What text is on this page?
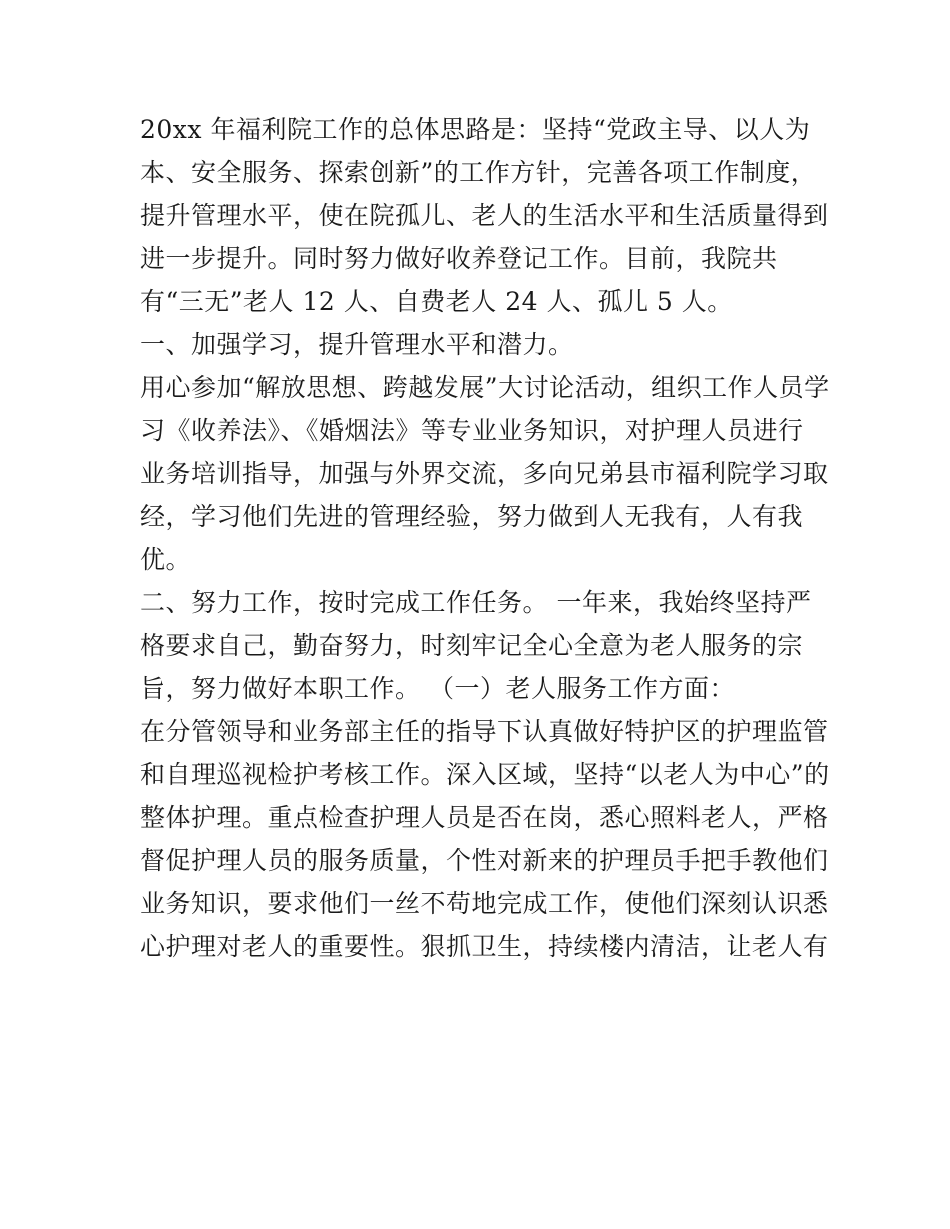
20xx 年福利院工作的总体思路是：坚持“党政主导、以人为
本、安全服务、探索创新”的工作方针，完善各项工作制度，
提升管理水平，使在院孤儿、老人的生活水平和生活质量得到
进一步提升。同时努力做好收养登记工作。目前，我院共
有“三无”老人 12 人、自费老人 24 人、孤儿 5 人。
一、加强学习，提升管理水平和潜力。
用心参加“解放思想、跨越发展”大讨论活动，组织工作人员学
习《收养法》、《婚烟法》等专业业务知识，对护理人员进行
业务培训指导，加强与外界交流，多向兄弟县市福利院学习取
经，学习他们先进的管理经验，努力做到人无我有，人有我
优。
二、努力工作，按时完成工作任务。 一年来，我始终坚持严
格要求自己，勤奋努力，时刻牢记全心全意为老人服务的宗
旨，努力做好本职工作。 （一）老人服务工作方面：
在分管领导和业务部主任的指导下认真做好特护区的护理监管
和自理巡视检护考核工作。深入区域，坚持“以老人为中心”的
整体护理。重点检查护理人员是否在岗，悉心照料老人，严格
督促护理人员的服务质量，个性对新来的护理员手把手教他们
业务知识，要求他们一丝不苟地完成工作，使他们深刻认识悉
心护理对老人的重要性。狠抓卫生，持续楼内清洁，让老人有
